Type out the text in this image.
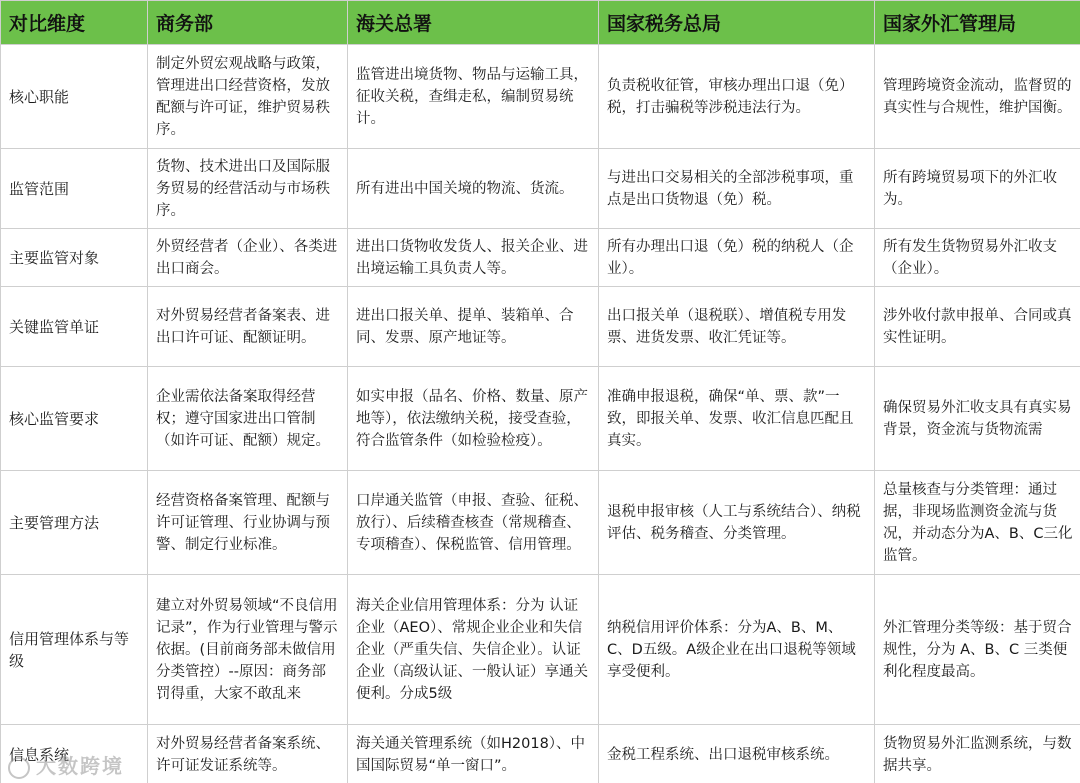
对比维度	商务部	海关总署	国家税务总局	国家外汇管理局
核心职能	制定外贸宏观战略与政策，管理进出口经营资格，发放配额与许可证，维护贸易秩序。	监管进出境货物、物品与运输工具，征收关税，查缉走私，编制贸易统计。	负责税收征管，审核办理出口退（免）税，打击骗税等涉税违法行为。	管理跨境资金流动，监督贸的真实性与合规性，维护国衡。
监管范围	货物、技术进出口及国际服务贸易的经营活动与市场秩序。	所有进出中国关境的物流、货流。	与进出口交易相关的全部涉税事项，重点是出口货物退（免）税。	所有跨境贸易项下的外汇收为。
主要监管对象	外贸经营者（企业）、各类进出口商会。	进出口货物收发货人、报关企业、进出境运输工具负责人等。	所有办理出口退（免）税的纳税人（企业）。	所有发生货物贸易外汇收支（企业）。
关键监管单证	对外贸易经营者备案表、进出口许可证、配额证明。	进出口报关单、提单、装箱单、合同、发票、原产地证等。	出口报关单（退税联）、增值税专用发票、进货发票、收汇凭证等。	涉外收付款申报单、合同或真实性证明。
核心监管要求	企业需依法备案取得经营权；遵守国家进出口管制（如许可证、配额）规定。	如实申报（品名、价格、数量、原产地等），依法缴纳关税，接受查验，符合监管条件（如检验检疫）。	准确申报退税，确保“单、票、款”一致，即报关单、发票、收汇信息匹配且真实。	确保贸易外汇收支具有真实易背景，资金流与货物流需
主要管理方法	经营资格备案管理、配额与许可证管理、行业协调与预警、制定行业标准。	口岸通关监管（申报、查验、征税、放行）、后续稽查核查（常规稽查、专项稽查）、保税监管、信用管理。	退税申报审核（人工与系统结合）、纳税评估、税务稽查、分类管理。	总量核查与分类管理：通过据，非现场监测资金流与货况，并动态分为A、B、C三化监管。
信用管理体系与等级	建立对外贸易领域“不良信用记录”，作为行业管理与警示依据。(目前商务部未做信用分类管控）--原因：商务部罚得重，大家不敢乱来	海关企业信用管理体系：分为 认证企业（AEO）、常规企业企业和失信企业（严重失信、失信企业）。认证企业（高级认证、一般认证）享通关便利。分成5级	纳税信用评价体系：分为A、B、M、C、D五级。A级企业在出口退税等领域享受便利。	外汇管理分类等级：基于贸合规性，分为 A、B、C 三类便利化程度最高。
信息系统	对外贸易经营者备案系统、许可证发证系统等。	海关通关管理系统（如H2018）、中国国际贸易“单一窗口”。	金税工程系统、出口退税审核系统。	货物贸易外汇监测系统，与数据共享。
大数跨境
